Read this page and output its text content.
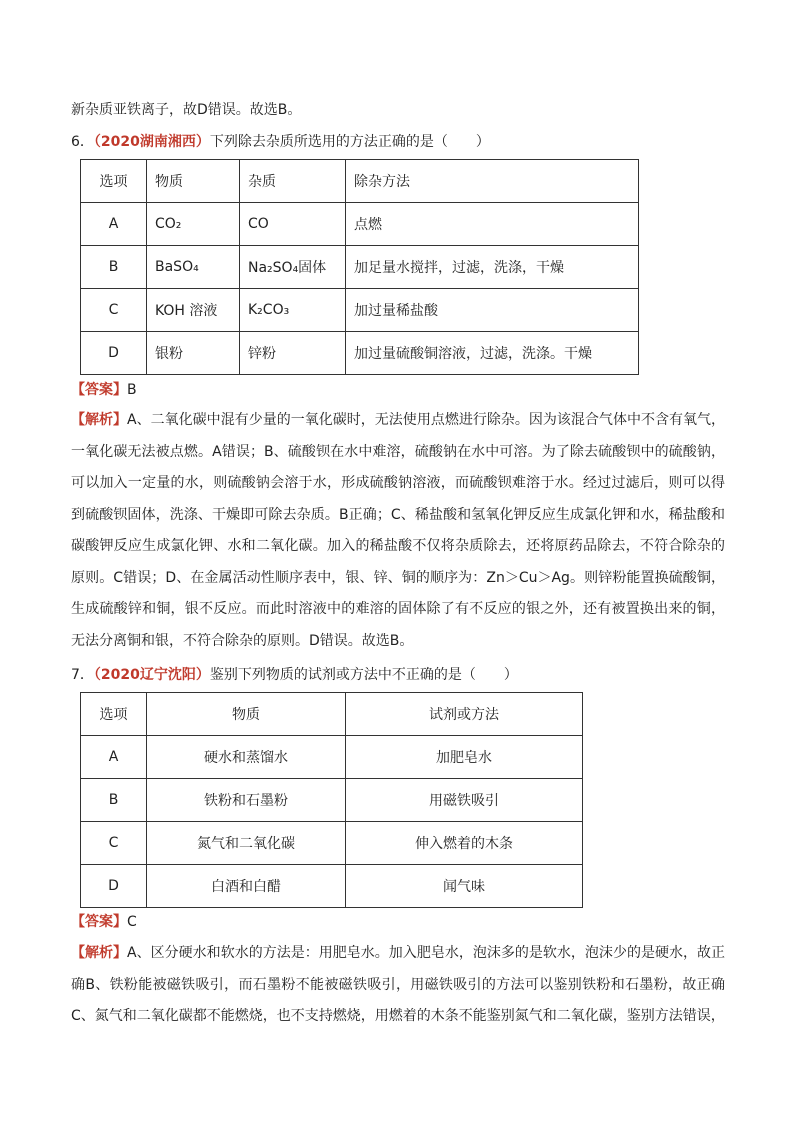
新杂质亚铁离子，故D错误。故选B。
6．（2020湖南湘西）下列除去杂质所选用的方法正确的是（　　）
选项	物质	杂质	除杂方法
A	CO₂	CO	点燃
B	BaSO₄	Na₂SO₄固体	加足量水搅拌，过滤，洗涤，干燥
C	KOH 溶液	K₂CO₃	加过量稀盐酸
D	银粉	锌粉	加过量硫酸铜溶液，过滤，洗涤。干燥
【答案】B
【解析】A、二氧化碳中混有少量的一氧化碳时，无法使用点燃进行除杂。因为该混合气体中不含有氧气，一氧化碳无法被点燃。A错误；B、硫酸钡在水中难溶，硫酸钠在水中可溶。为了除去硫酸钡中的硫酸钠，可以加入一定量的水，则硫酸钠会溶于水，形成硫酸钠溶液，而硫酸钡难溶于水。经过过滤后，则可以得到硫酸钡固体，洗涤、干燥即可除去杂质。B正确；C、稀盐酸和氢氧化钾反应生成氯化钾和水，稀盐酸和碳酸钾反应生成氯化钾、水和二氧化碳。加入的稀盐酸不仅将杂质除去，还将原药品除去，不符合除杂的原则。C错误；D、在金属活动性顺序表中，银、锌、铜的顺序为：Zn＞Cu＞Ag。则锌粉能置换硫酸铜，生成硫酸锌和铜，银不反应。而此时溶液中的难溶的固体除了有不反应的银之外，还有被置换出来的铜，无法分离铜和银，不符合除杂的原则。D错误。故选B。
7．（2020辽宁沈阳）鉴别下列物质的试剂或方法中不正确的是（　　）
选项	物质	试剂或方法
A	硬水和蒸馏水	加肥皂水
B	铁粉和石墨粉	用磁铁吸引
C	氮气和二氧化碳	伸入燃着的木条
D	白酒和白醋	闻气味
【答案】C
【解析】A、区分硬水和软水的方法是：用肥皂水。加入肥皂水，泡沫多的是软水，泡沫少的是硬水，故正确B、铁粉能被磁铁吸引，而石墨粉不能被磁铁吸引，用磁铁吸引的方法可以鉴别铁粉和石墨粉，故正确C、氮气和二氧化碳都不能燃烧，也不支持燃烧，用燃着的木条不能鉴别氮气和二氧化碳，鉴别方法错误，
